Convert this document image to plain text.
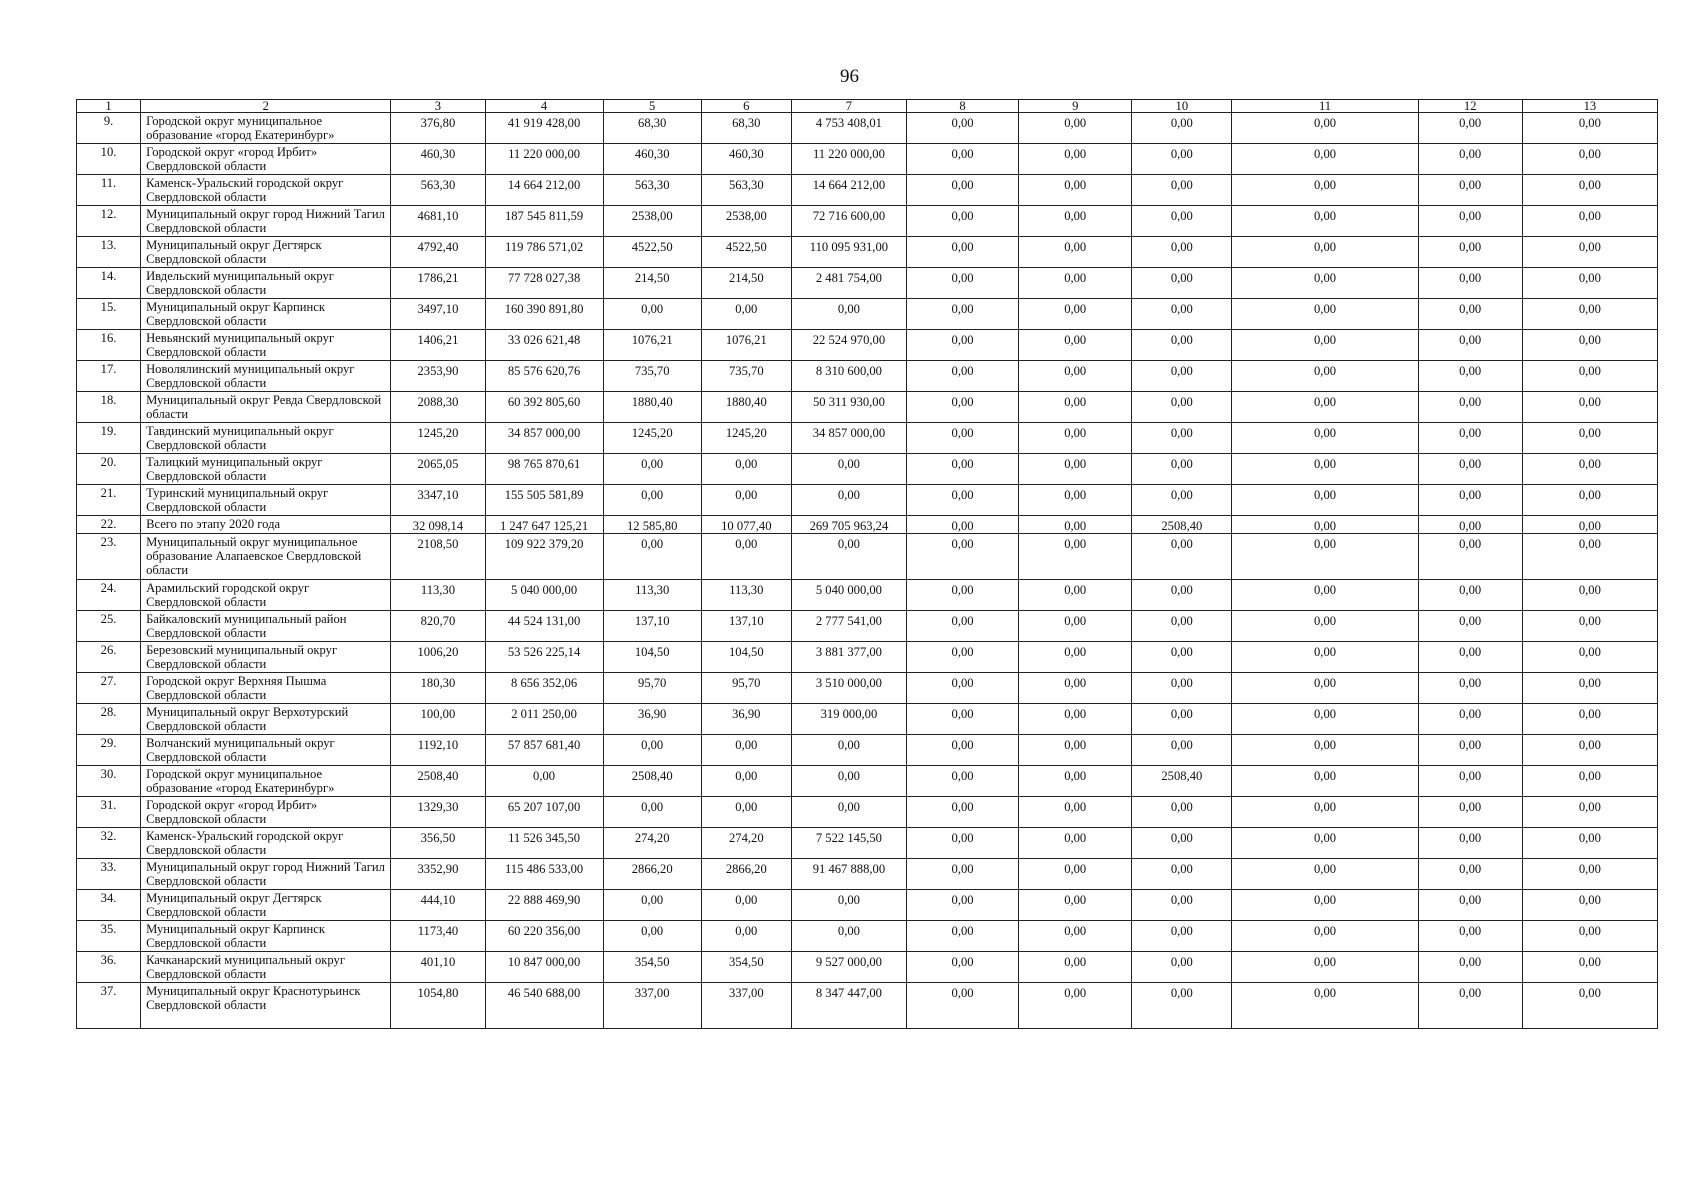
96
1	2	3	4	5	6	7	8	9	10	11	12	13
9.	Городской округ муниципальное образование «город Екатеринбург»	376,80	41 919 428,00	68,30	68,30	4 753 408,01	0,00	0,00	0,00	0,00	0,00	0,00
10.	Городской округ «город Ирбит» Свердловской области	460,30	11 220 000,00	460,30	460,30	11 220 000,00	0,00	0,00	0,00	0,00	0,00	0,00
11.	Каменск-Уральский городской округ Свердловской области	563,30	14 664 212,00	563,30	563,30	14 664 212,00	0,00	0,00	0,00	0,00	0,00	0,00
12.	Муниципальный округ город Нижний Тагил Свердловской области	4681,10	187 545 811,59	2538,00	2538,00	72 716 600,00	0,00	0,00	0,00	0,00	0,00	0,00
13.	Муниципальный округ Дегтярск Свердловской области	4792,40	119 786 571,02	4522,50	4522,50	110 095 931,00	0,00	0,00	0,00	0,00	0,00	0,00
14.	Ивдельский муниципальный округ Свердловской области	1786,21	77 728 027,38	214,50	214,50	2 481 754,00	0,00	0,00	0,00	0,00	0,00	0,00
15.	Муниципальный округ Карпинск Свердловской области	3497,10	160 390 891,80	0,00	0,00	0,00	0,00	0,00	0,00	0,00	0,00	0,00
16.	Невьянский муниципальный округ Свердловской области	1406,21	33 026 621,48	1076,21	1076,21	22 524 970,00	0,00	0,00	0,00	0,00	0,00	0,00
17.	Новолялинский муниципальный округ Свердловской области	2353,90	85 576 620,76	735,70	735,70	8 310 600,00	0,00	0,00	0,00	0,00	0,00	0,00
18.	Муниципальный округ Ревда Свердловской области	2088,30	60 392 805,60	1880,40	1880,40	50 311 930,00	0,00	0,00	0,00	0,00	0,00	0,00
19.	Тавдинский муниципальный округ Свердловской области	1245,20	34 857 000,00	1245,20	1245,20	34 857 000,00	0,00	0,00	0,00	0,00	0,00	0,00
20.	Талицкий муниципальный округ Свердловской области	2065,05	98 765 870,61	0,00	0,00	0,00	0,00	0,00	0,00	0,00	0,00	0,00
21.	Туринский муниципальный округ Свердловской области	3347,10	155 505 581,89	0,00	0,00	0,00	0,00	0,00	0,00	0,00	0,00	0,00
22.	Всего по этапу 2020 года	32 098,14	1 247 647 125,21	12 585,80	10 077,40	269 705 963,24	0,00	0,00	2508,40	0,00	0,00	0,00
23.	Муниципальный округ муниципальное образование Алапаевское Свердловской области	2108,50	109 922 379,20	0,00	0,00	0,00	0,00	0,00	0,00	0,00	0,00	0,00
24.	Арамильский городской округ Свердловской области	113,30	5 040 000,00	113,30	113,30	5 040 000,00	0,00	0,00	0,00	0,00	0,00	0,00
25.	Байкаловский муниципальный район Свердловской области	820,70	44 524 131,00	137,10	137,10	2 777 541,00	0,00	0,00	0,00	0,00	0,00	0,00
26.	Березовский муниципальный округ Свердловской области	1006,20	53 526 225,14	104,50	104,50	3 881 377,00	0,00	0,00	0,00	0,00	0,00	0,00
27.	Городской округ Верхняя Пышма Свердловской области	180,30	8 656 352,06	95,70	95,70	3 510 000,00	0,00	0,00	0,00	0,00	0,00	0,00
28.	Муниципальный округ Верхотурский Свердловской области	100,00	2 011 250,00	36,90	36,90	319 000,00	0,00	0,00	0,00	0,00	0,00	0,00
29.	Волчанский муниципальный округ Свердловской области	1192,10	57 857 681,40	0,00	0,00	0,00	0,00	0,00	0,00	0,00	0,00	0,00
30.	Городской округ муниципальное образование «город Екатеринбург»	2508,40	0,00	2508,40	0,00	0,00	0,00	0,00	2508,40	0,00	0,00	0,00
31.	Городской округ «город Ирбит» Свердловской области	1329,30	65 207 107,00	0,00	0,00	0,00	0,00	0,00	0,00	0,00	0,00	0,00
32.	Каменск-Уральский городской округ Свердловской области	356,50	11 526 345,50	274,20	274,20	7 522 145,50	0,00	0,00	0,00	0,00	0,00	0,00
33.	Муниципальный округ город Нижний Тагил Свердловской области	3352,90	115 486 533,00	2866,20	2866,20	91 467 888,00	0,00	0,00	0,00	0,00	0,00	0,00
34.	Муниципальный округ Дегтярск Свердловской области	444,10	22 888 469,90	0,00	0,00	0,00	0,00	0,00	0,00	0,00	0,00	0,00
35.	Муниципальный округ Карпинск Свердловской области	1173,40	60 220 356,00	0,00	0,00	0,00	0,00	0,00	0,00	0,00	0,00	0,00
36.	Качканарский муниципальный округ Свердловской области	401,10	10 847 000,00	354,50	354,50	9 527 000,00	0,00	0,00	0,00	0,00	0,00	0,00
37.	Муниципальный округ Краснотурьинск Свердловской области	1054,80	46 540 688,00	337,00	337,00	8 347 447,00	0,00	0,00	0,00	0,00	0,00	0,00
